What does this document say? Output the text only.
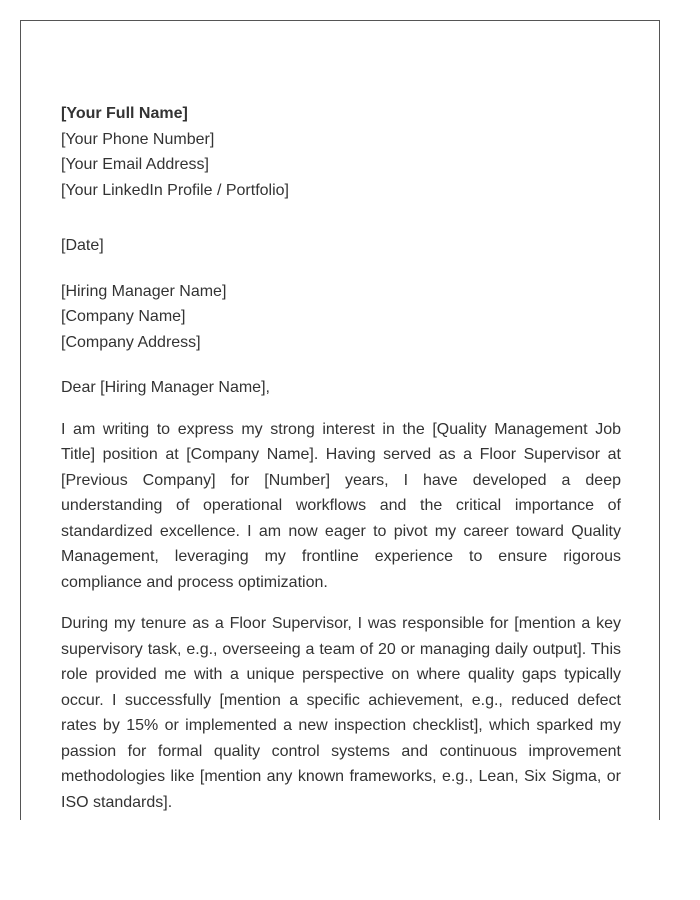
[Your Full Name]

[Your Phone Number]

[Your Email Address]

[Your LinkedIn Profile / Portfolio]

[Date]

[Hiring Manager Name]

[Company Name]

[Company Address]

Dear [Hiring Manager Name],

I am writing to express my strong interest in the [Quality Management Job Title] position at [Company Name]. Having served as a Floor Supervisor at [Previous Company] for [Number] years, I have developed a deep understanding of operational workflows and the critical importance of standardized excellence. I am now eager to pivot my career toward Quality Management, leveraging my frontline experience to ensure rigorous compliance and process optimization.

During my tenure as a Floor Supervisor, I was responsible for [mention a key supervisory task, e.g., overseeing a team of 20 or managing daily output]. This role provided me with a unique perspective on where quality gaps typically occur. I successfully [mention a specific achievement, e.g., reduced defect rates by 15% or implemented a new inspection checklist], which sparked my passion for formal quality control systems and continuous improvement methodologies like [mention any known frameworks, e.g., Lean, Six Sigma, or ISO standards].
